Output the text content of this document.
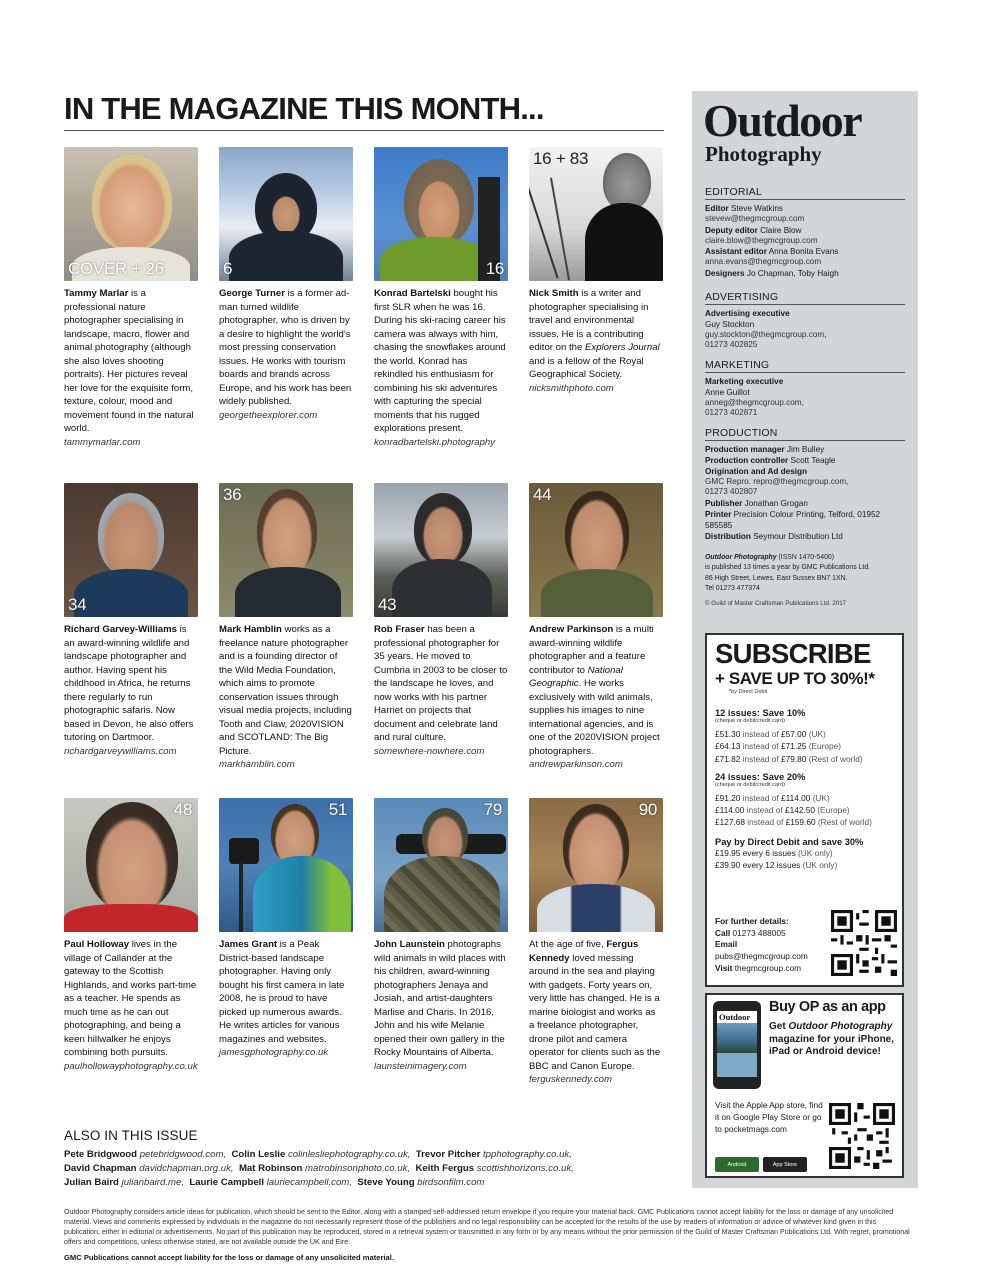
IN THE MAGAZINE THIS MONTH...
COVER + 26

Tammy Marlar is a professional nature photographer specialising in landscape, macro, flower and animal photography (although she also loves shooting portraits). Her pictures reveal her love for the exquisite form, texture, colour, mood and movement found in the natural world.
tammymarlar.com

6

George Turner is a former ad-man turned wildlife photographer, who is driven by a desire to highlight the world’s most pressing conservation issues. He works with tourism boards and brands across Europe, and his work has been widely published.
georgetheexplorer.com

16

Konrad Bartelski bought his first SLR when he was 16. During his ski-racing career his camera was always with him, chasing the snowflakes around the world. Konrad has rekindled his enthusiasm for combining his ski adventures with capturing the special moments that his rugged explorations present.
konradbartelski.photography

16 + 83

Nick Smith is a writer and photographer specialising in travel and environmental issues. He is a contributing editor on the Explorers Journal and is a fellow of the Royal Geographical Society.
nicksmithphoto.com

34

Richard Garvey-Williams is an award-winning wildlife and landscape photographer and author. Having spent his childhood in Africa, he returns there regularly to run photographic safaris. Now based in Devon, he also offers tutoring on Dartmoor.
richardgarveywilliams.com

36

Mark Hamblin works as a freelance nature photographer and is a founding director of the Wild Media Foundation, which aims to promote conservation issues through visual media projects, including Tooth and Claw, 2020VISION and SCOTLAND: The Big Picture.
markhamblin.com

43

Rob Fraser has been a professional photographer for 35 years. He moved to Cumbria in 2003 to be closer to the landscape he loves, and now works with his partner Harriet on projects that document and celebrate land and rural culture.
somewhere-nowhere.com

44

Andrew Parkinson is a multi award-winning wildlife photographer and a feature contributor to National Geographic. He works exclusively with wild animals, supplies his images to nine international agencies, and is one of the 2020VISION project photographers.
andrewparkinson.com

48

Paul Holloway lives in the village of Callander at the gateway to the Scottish Highlands, and works part-time as a teacher. He spends as much time as he can out photographing, and being a keen hillwalker he enjoys combining both pursuits.
paulhollowayphotography.co.uk

51

James Grant is a Peak District-based landscape photographer. Having only bought his first camera in late 2008, he is proud to have picked up numerous awards. He writes articles for various magazines and websites.
jamesgphotography.co.uk

79

John Launstein photographs wild animals in wild places with his children, award-winning photographers Jenaya and Josiah, and artist-daughters Marlise and Charis. In 2016, John and his wife Melanie opened their own gallery in the Rocky Mountains of Alberta.
launsteinimagery.com

90

At the age of five, Fergus Kennedy loved messing around in the sea and playing with gadgets. Forty years on, very little has changed. He is a marine biologist and works as a freelance photographer, drone pilot and camera operator for clients such as the BBC and Canon Europe.
ferguskennedy.com

ALSO IN THIS ISSUE

Pete Bridgwood petebridgwood.com, Colin Leslie colinlesliephotography.co.uk, Trevor Pitcher tpphotography.co.uk,
David Chapman davidchapman.org.uk, Mat Robinson matrobinsonphoto.co.uk, Keith Fergus scottishhorizons.co.uk,
Julian Baird julianbaird.me, Laurie Campbell lauriecampbell.com, Steve Young birdsonfilm.com

Outdoor Photography considers article ideas for publication, which should be sent to the Editor, along with a stamped self-addressed return envelope if you require your material back. GMC Publications cannot accept liability for the loss or damage of any unsolicited material. Views and comments expressed by individuals in the magazine do not necessarily represent those of the publishers and no legal responsibility can be accepted for the results of the use by readers of information or advice of whatever kind given in this publication, either in editorial or advertisements. No part of this publication may be reproduced, stored in a retrieval system or transmitted in any form or by any means without the prior permission of the Guild of Master Craftsman Publications Ltd. With regret, promotional offers and competitions, unless otherwise stated, are not available outside the UK and Eire.

GMC Publications cannot accept liability for the loss or damage of any unsolicited material.

Outdoor
Photography
EDITORIAL
Editor Steve Watkins
stevew@thegmcgroup.com
Deputy editor Claire Blow
claire.blow@thegmcgroup.com
Assistant editor Anna Bonita Evans
anna.evans@thegmcgroup.com
Designers Jo Chapman, Toby Haigh
ADVERTISING
Advertising executive
Guy Stockton
guy.stockton@thegmcgroup.com,
01273 402825
MARKETING
Marketing executive
Anne Guillot
anneg@thegmcgroup.com,
01273 402871
PRODUCTION
Production manager Jim Bulley
Production controller Scott Teagle
Origination and Ad design
GMC Repro. repro@thegmcgroup.com,
01273 402807
Publisher Jonathan Grogan
Printer Precision Colour Printing, Telford, 01952 585585
Distribution Seymour Distribution Ltd
Outdoor Photography (ISSN 1470-5400)
is published 13 times a year by GMC Publications Ltd.
86 High Street, Lewes, East Sussex BN7 1XN.
Tel 01273 477374
© Guild of Master Craftsman Publications Ltd. 2017
SUBSCRIBE
+ SAVE UP TO 30%!*
*by Direct Debit
12 issues: Save 10%
(cheque or debit/credit card)
£51.30 instead of £57.00 (UK)
£64.13 instead of £71.25 (Europe)
£71.82 instead of £79.80 (Rest of world)
24 issues: Save 20%
(cheque or debit/credit card)
£91.20 instead of £114.00 (UK)
£114.00 instead of £142.50 (Europe)
£127.68 instead of £159.60 (Rest of world)
Pay by Direct Debit and save 30%
£19.95 every 6 issues (UK only)
£39.90 every 12 issues (UK only)
For further details:
Call 01273 488005
Email
pubs@thegmcgroup.com
Visit thegmcgroup.com
Outdoor
Buy OP as an app
Get Outdoor Photography magazine for your iPhone, iPad or Android device!
Visit the Apple App store, find it on Google Play Store or go to pocketmags.com
Android	App Store
